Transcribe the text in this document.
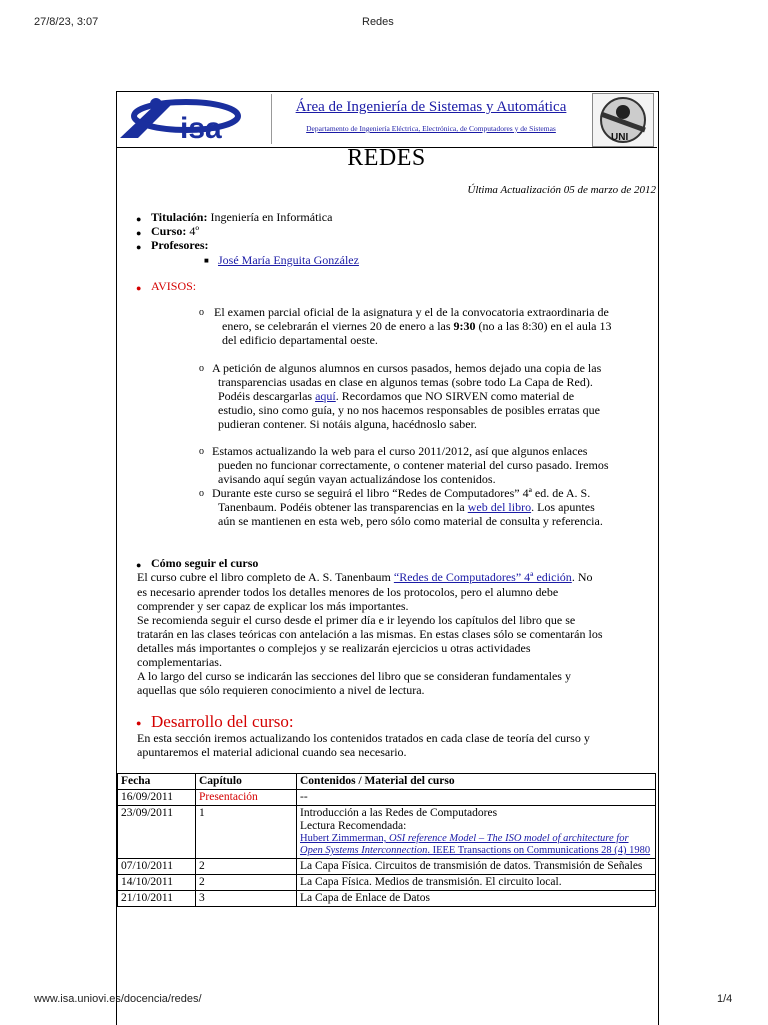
27/8/23, 3:07	Redes
www.isa.uniovi.es/docencia/redes/	1/4
isa
Área de Ingeniería de Sistemas y Automática
Departamento de Ingeniería Eléctrica, Electrónica, de Computadores y de Sistemas
UNI
REDES
Última Actualización 05 de marzo de 2012
● Titulación: Ingeniería en Informática
● Curso: 4º
● Profesores:
■ José María Enguita González
● AVISOS:
o El examen parcial oficial de la asignatura y el de la convocatoria extraordinaria de
enero, se celebrarán el viernes 20 de enero a las 9:30 (no a las 8:30) en el aula 13
del edificio departamental oeste.
o A petición de algunos alumnos en cursos pasados, hemos dejado una copia de las
transparencias usadas en clase en algunos temas (sobre todo La Capa de Red).
Podéis descargarlas aquí. Recordamos que NO SIRVEN como material de
estudio, sino como guía, y no nos hacemos responsables de posibles erratas que
pudieran contener. Si notáis alguna, hacédnoslo saber.
o Estamos actualizando la web para el curso 2011/2012, así que algunos enlaces
pueden no funcionar correctamente, o contener material del curso pasado. Iremos
avisando aquí según vayan actualizándose los contenidos.
o Durante este curso se seguirá el libro “Redes de Computadores” 4ª ed. de A. S.
Tanenbaum. Podéis obtener las transparencias en la web del libro. Los apuntes
aún se mantienen en esta web, pero sólo como material de consulta y referencia.
● Cómo seguir el curso
El curso cubre el libro completo de A. S. Tanenbaum “Redes de Computadores” 4ª edición. No
es necesario aprender todos los detalles menores de los protocolos, pero el alumno debe
comprender y ser capaz de explicar los más importantes.
Se recomienda seguir el curso desde el primer día e ir leyendo los capítulos del libro que se
tratarán en las clases teóricas con antelación a las mismas. En estas clases sólo se comentarán los
detalles más importantes o complejos y se realizarán ejercicios u otras actividades
complementarias.
A lo largo del curso se indicarán las secciones del libro que se consideran fundamentales y
aquellas que sólo requieren conocimiento a nivel de lectura.
● Desarrollo del curso:
En esta sección iremos actualizando los contenidos tratados en cada clase de teoría del curso y
apuntaremos el material adicional cuando sea necesario.
Fecha	Capítulo	Contenidos / Material del curso
16/09/2011	Presentación	--
23/09/2011	1	Introducción a las Redes de Computadores
Lectura Recomendada:
Hubert Zimmerman, OSI reference Model – The ISO model of architecture for Open Systems Interconnection. IEEE Transactions on Communications 28 (4) 1980

07/10/2011	2	La Capa Física. Circuitos de transmisión de datos. Transmisión de Señales
14/10/2011	2	La Capa Física. Medios de transmisión. El circuito local.
21/10/2011	3	La Capa de Enlace de Datos
